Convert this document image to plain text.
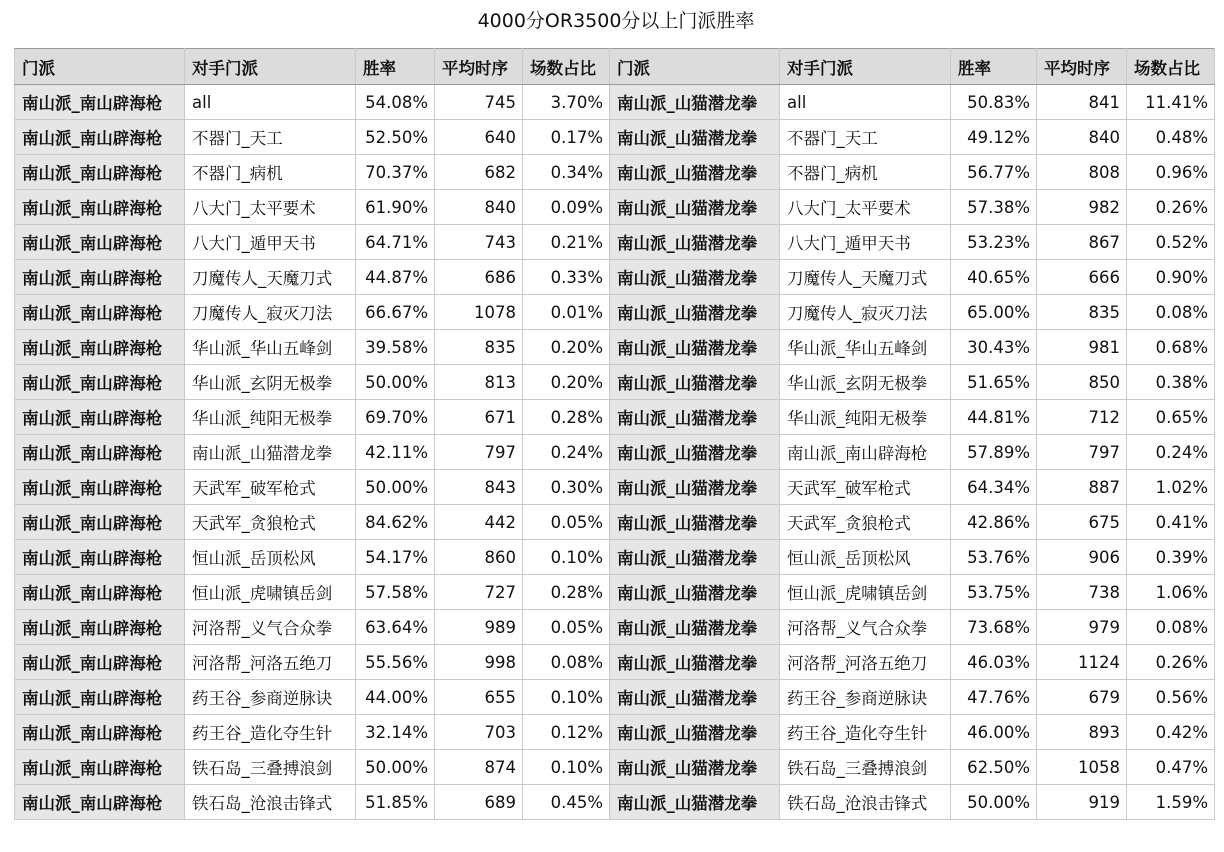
4000分OR3500分以上门派胜率
门派	对手门派	胜率	平均时序	场数占比	门派	对手门派	胜率	平均时序	场数占比
南山派_南山辟海枪	all	54.08%	745	3.70%	南山派_山猫潜龙拳	all	50.83%	841	11.41%
南山派_南山辟海枪	不器门_天工	52.50%	640	0.17%	南山派_山猫潜龙拳	不器门_天工	49.12%	840	0.48%
南山派_南山辟海枪	不器门_病机	70.37%	682	0.34%	南山派_山猫潜龙拳	不器门_病机	56.77%	808	0.96%
南山派_南山辟海枪	八大门_太平要术	61.90%	840	0.09%	南山派_山猫潜龙拳	八大门_太平要术	57.38%	982	0.26%
南山派_南山辟海枪	八大门_遁甲天书	64.71%	743	0.21%	南山派_山猫潜龙拳	八大门_遁甲天书	53.23%	867	0.52%
南山派_南山辟海枪	刀魔传人_天魔刀式	44.87%	686	0.33%	南山派_山猫潜龙拳	刀魔传人_天魔刀式	40.65%	666	0.90%
南山派_南山辟海枪	刀魔传人_寂灭刀法	66.67%	1078	0.01%	南山派_山猫潜龙拳	刀魔传人_寂灭刀法	65.00%	835	0.08%
南山派_南山辟海枪	华山派_华山五峰剑	39.58%	835	0.20%	南山派_山猫潜龙拳	华山派_华山五峰剑	30.43%	981	0.68%
南山派_南山辟海枪	华山派_玄阴无极拳	50.00%	813	0.20%	南山派_山猫潜龙拳	华山派_玄阴无极拳	51.65%	850	0.38%
南山派_南山辟海枪	华山派_纯阳无极拳	69.70%	671	0.28%	南山派_山猫潜龙拳	华山派_纯阳无极拳	44.81%	712	0.65%
南山派_南山辟海枪	南山派_山猫潜龙拳	42.11%	797	0.24%	南山派_山猫潜龙拳	南山派_南山辟海枪	57.89%	797	0.24%
南山派_南山辟海枪	天武军_破军枪式	50.00%	843	0.30%	南山派_山猫潜龙拳	天武军_破军枪式	64.34%	887	1.02%
南山派_南山辟海枪	天武军_贪狼枪式	84.62%	442	0.05%	南山派_山猫潜龙拳	天武军_贪狼枪式	42.86%	675	0.41%
南山派_南山辟海枪	恒山派_岳顶松风	54.17%	860	0.10%	南山派_山猫潜龙拳	恒山派_岳顶松风	53.76%	906	0.39%
南山派_南山辟海枪	恒山派_虎啸镇岳剑	57.58%	727	0.28%	南山派_山猫潜龙拳	恒山派_虎啸镇岳剑	53.75%	738	1.06%
南山派_南山辟海枪	河洛帮_义气合众拳	63.64%	989	0.05%	南山派_山猫潜龙拳	河洛帮_义气合众拳	73.68%	979	0.08%
南山派_南山辟海枪	河洛帮_河洛五绝刀	55.56%	998	0.08%	南山派_山猫潜龙拳	河洛帮_河洛五绝刀	46.03%	1124	0.26%
南山派_南山辟海枪	药王谷_参商逆脉诀	44.00%	655	0.10%	南山派_山猫潜龙拳	药王谷_参商逆脉诀	47.76%	679	0.56%
南山派_南山辟海枪	药王谷_造化夺生针	32.14%	703	0.12%	南山派_山猫潜龙拳	药王谷_造化夺生针	46.00%	893	0.42%
南山派_南山辟海枪	铁石岛_三叠搏浪剑	50.00%	874	0.10%	南山派_山猫潜龙拳	铁石岛_三叠搏浪剑	62.50%	1058	0.47%
南山派_南山辟海枪	铁石岛_沧浪击锋式	51.85%	689	0.45%	南山派_山猫潜龙拳	铁石岛_沧浪击锋式	50.00%	919	1.59%
